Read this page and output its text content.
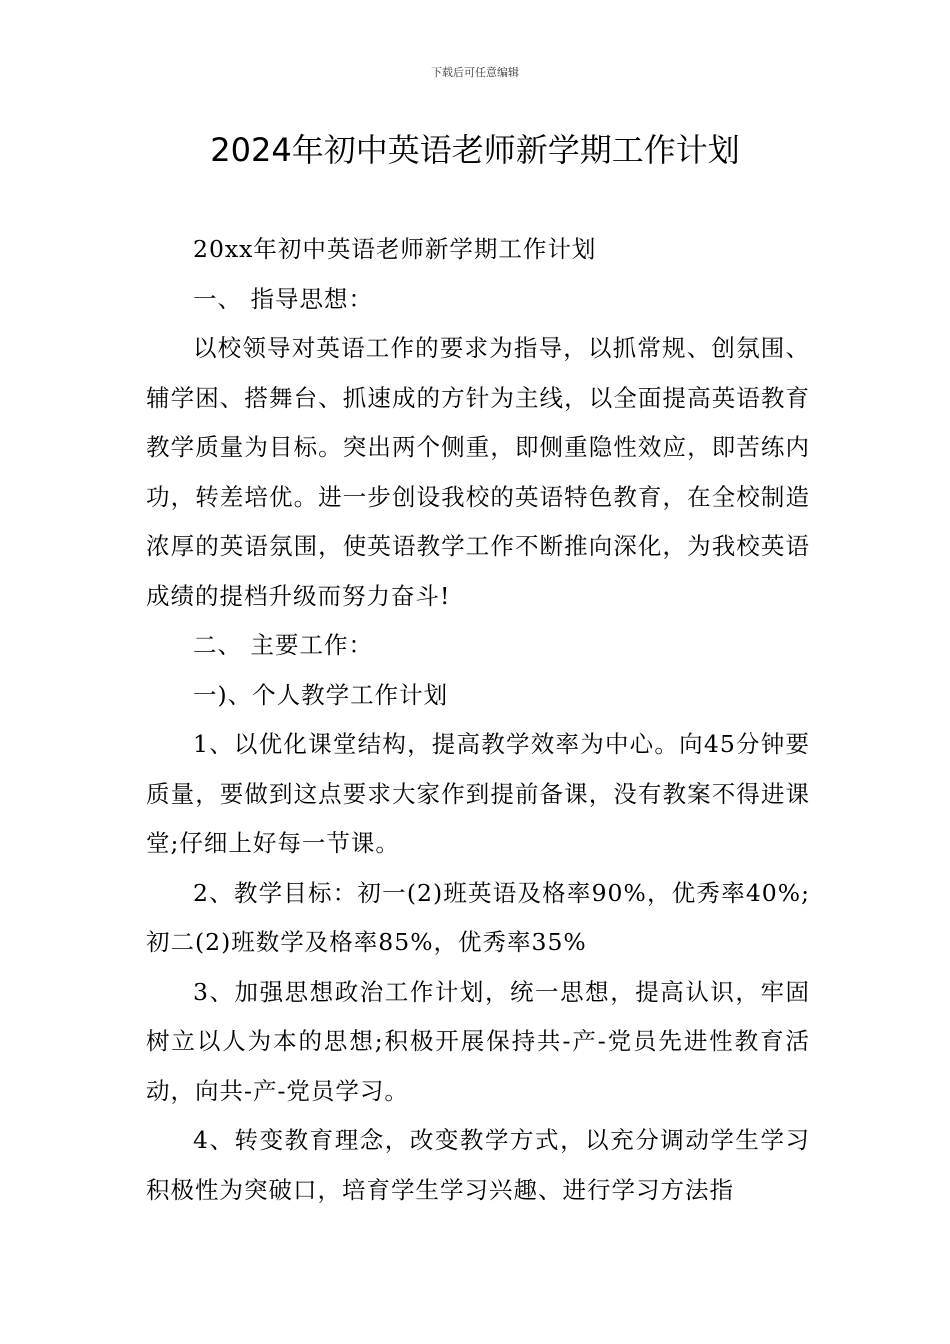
下载后可任意编辑
2024年初中英语老师新学期工作计划

20xx年初中英语老师新学期工作计划

一、 指导思想：

以校领导对英语工作的要求为指导，以抓常规、创氛围、辅学困、搭舞台、抓速成的方针为主线，以全面提高英语教育教学质量为目标。突出两个侧重，即侧重隐性效应，即苦练内功，转差培优。进一步创设我校的英语特色教育，在全校制造浓厚的英语氛围，使英语教学工作不断推向深化，为我校英语成绩的提档升级而努力奋斗!

二、 主要工作：

一)、个人教学工作计划

1、以优化课堂结构，提高教学效率为中心。向45分钟要质量，要做到这点要求大家作到提前备课，没有教案不得进课堂;仔细上好每一节课。

2、教学目标：初一(2)班英语及格率90%，优秀率40%;初二(2)班数学及格率85%，优秀率35%

3、加强思想政治工作计划，统一思想，提高认识，牢固树立以人为本的思想;积极开展保持共-产-党员先进性教育活动，向共-产-党员学习。

4、转变教育理念，改变教学方式，以充分调动学生学习积极性为突破口，培育学生学习兴趣、进行学习方法指
